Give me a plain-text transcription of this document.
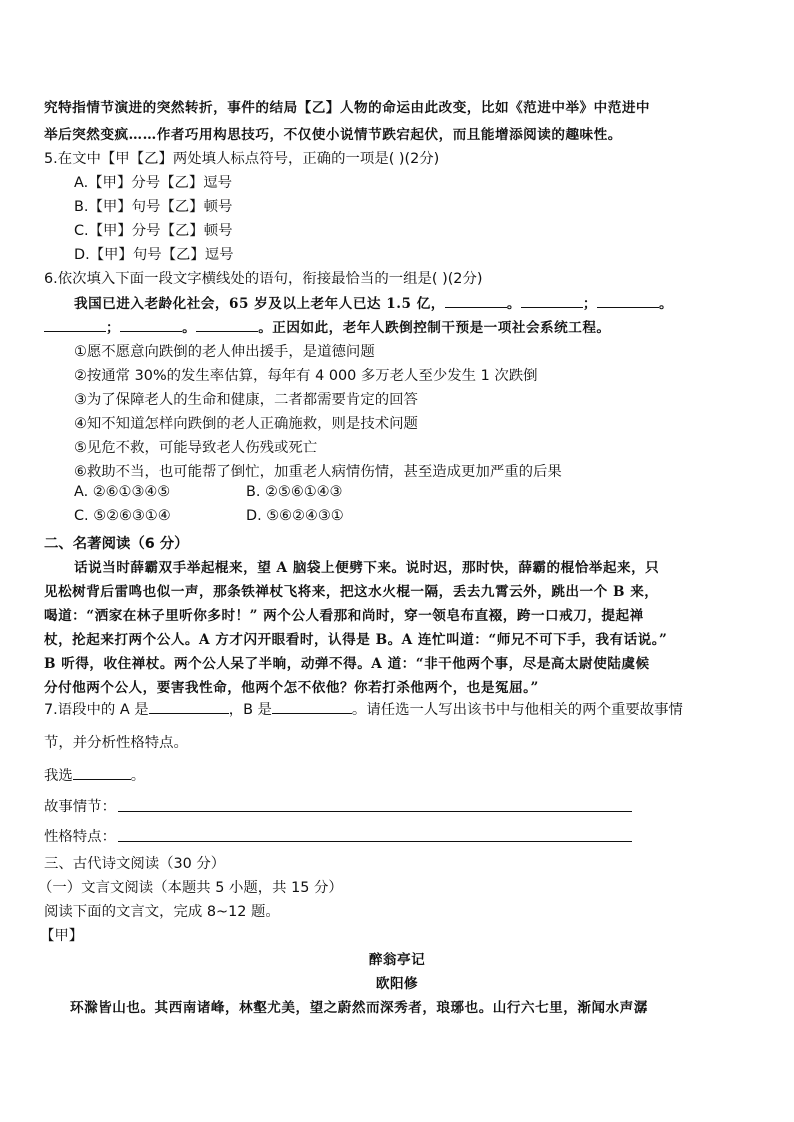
究特指情节演进的突然转折，事件的结局【乙】人物的命运由此改变，比如《范进中举》中范进中
举后突然变疯……作者巧用构思技巧，不仅使小说情节跌宕起伏，而且能增添阅读的趣味性。
5.在文中【甲【乙】两处填人标点符号，正确的一项是( )(2分)
A.【甲】分号【乙】逗号
B.【甲】句号【乙】顿号
C.【甲】分号【乙】顿号
D.【甲】句号【乙】逗号
6.依次填入下面一段文字横线处的语句，衔接最恰当的一组是( )(2分)
我国已进入老龄化社会，65 岁及以上老年人已达 1.5 亿，	。	；	。
；	。	。正因如此，老年人跌倒控制干预是一项社会系统工程。
①愿不愿意向跌倒的老人伸出援手，是道德问题
②按通常 30%的发生率估算，每年有 4 000 多万老人至少发生 1 次跌倒
③为了保障老人的生命和健康，二者都需要肯定的回答
④知不知道怎样向跌倒的老人正确施救，则是技术问题
⑤见危不救，可能导致老人伤残或死亡
⑥救助不当，也可能帮了倒忙，加重老人病情伤情，甚至造成更加严重的后果
A. ②⑥①③④⑤	B. ②⑤⑥①④③
C. ⑤②⑥③①④	D. ⑤⑥②④③①
二、名著阅读（6 分）
话说当时薛霸双手举起棍来，望 A 脑袋上便劈下来。说时迟，那时快，薛霸的棍恰举起来，只
见松树背后雷鸣也似一声，那条铁禅杖飞将来，把这水火棍一隔，丢去九霄云外，跳出一个 B 来，
喝道：“洒家在林子里听你多时！” 两个公人看那和尚时，穿一领皂布直裰，跨一口戒刀，提起禅
杖，抡起来打两个公人。A 方才闪开眼看时，认得是 B。A 连忙叫道：“师兄不可下手，我有话说。”
B 听得，收住禅杖。两个公人呆了半晌，动弹不得。A 道：“非干他两个事，尽是高太尉使陆虞候
分付他两个公人，要害我性命，他两个怎不依他？你若打杀他两个，也是冤屈。”
7.语段中的 A 是	，B 是	。请任选一人写出该书中与他相关的两个重要故事情
节，并分析性格特点。
我选	。
故事情节：
性格特点：
三、古代诗文阅读（30 分）
（一）文言文阅读（本题共 5 小题，共 15 分）
阅读下面的文言文，完成 8~12 题。
【甲】
醉翁亭记
欧阳修
环滁皆山也。其西南诸峰，林壑尤美，望之蔚然而深秀者，琅琊也。山行六七里，渐闻水声潺
